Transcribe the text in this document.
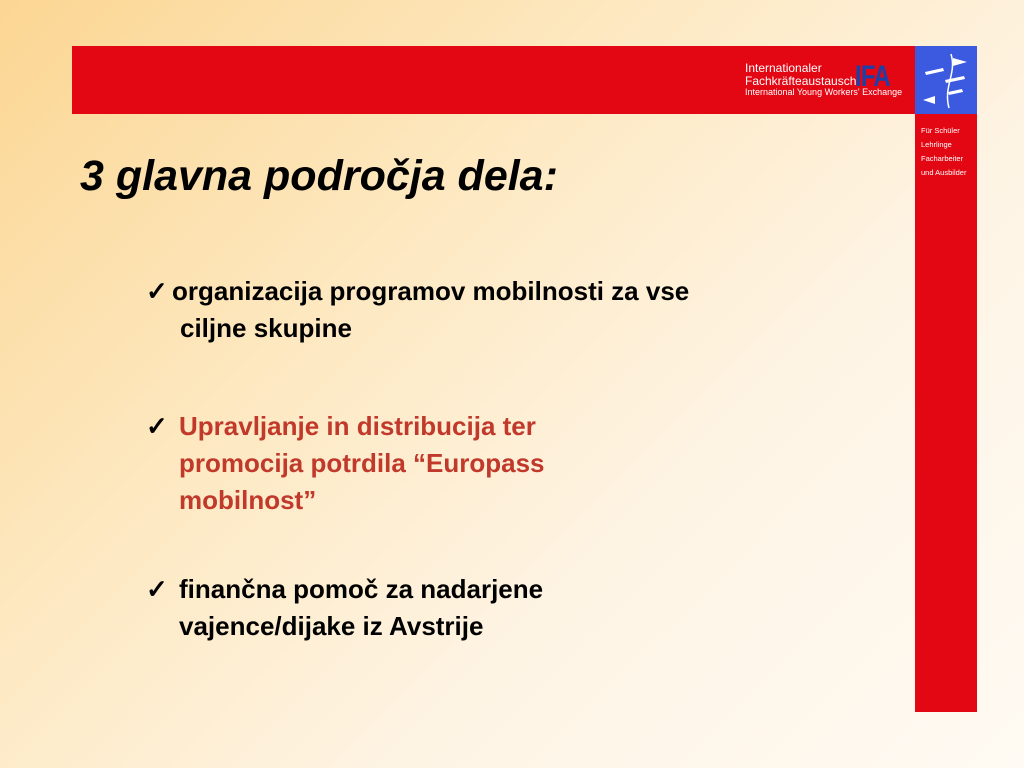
Internationaler
Fachkräfteaustausch.
International Young Workers' Exchange
IFA
Für Schüler
Lehrlinge
Facharbeiter
und Ausbilder
3 glavna področja dela:
✓ organizacija programov mobilnosti za vse
ciljne skupine
✓ Upravljanje in distribucija ter
promocija potrdila “Europass
mobilnost”
✓ finančna pomoč za nadarjene
vajence/dijake iz Avstrije
